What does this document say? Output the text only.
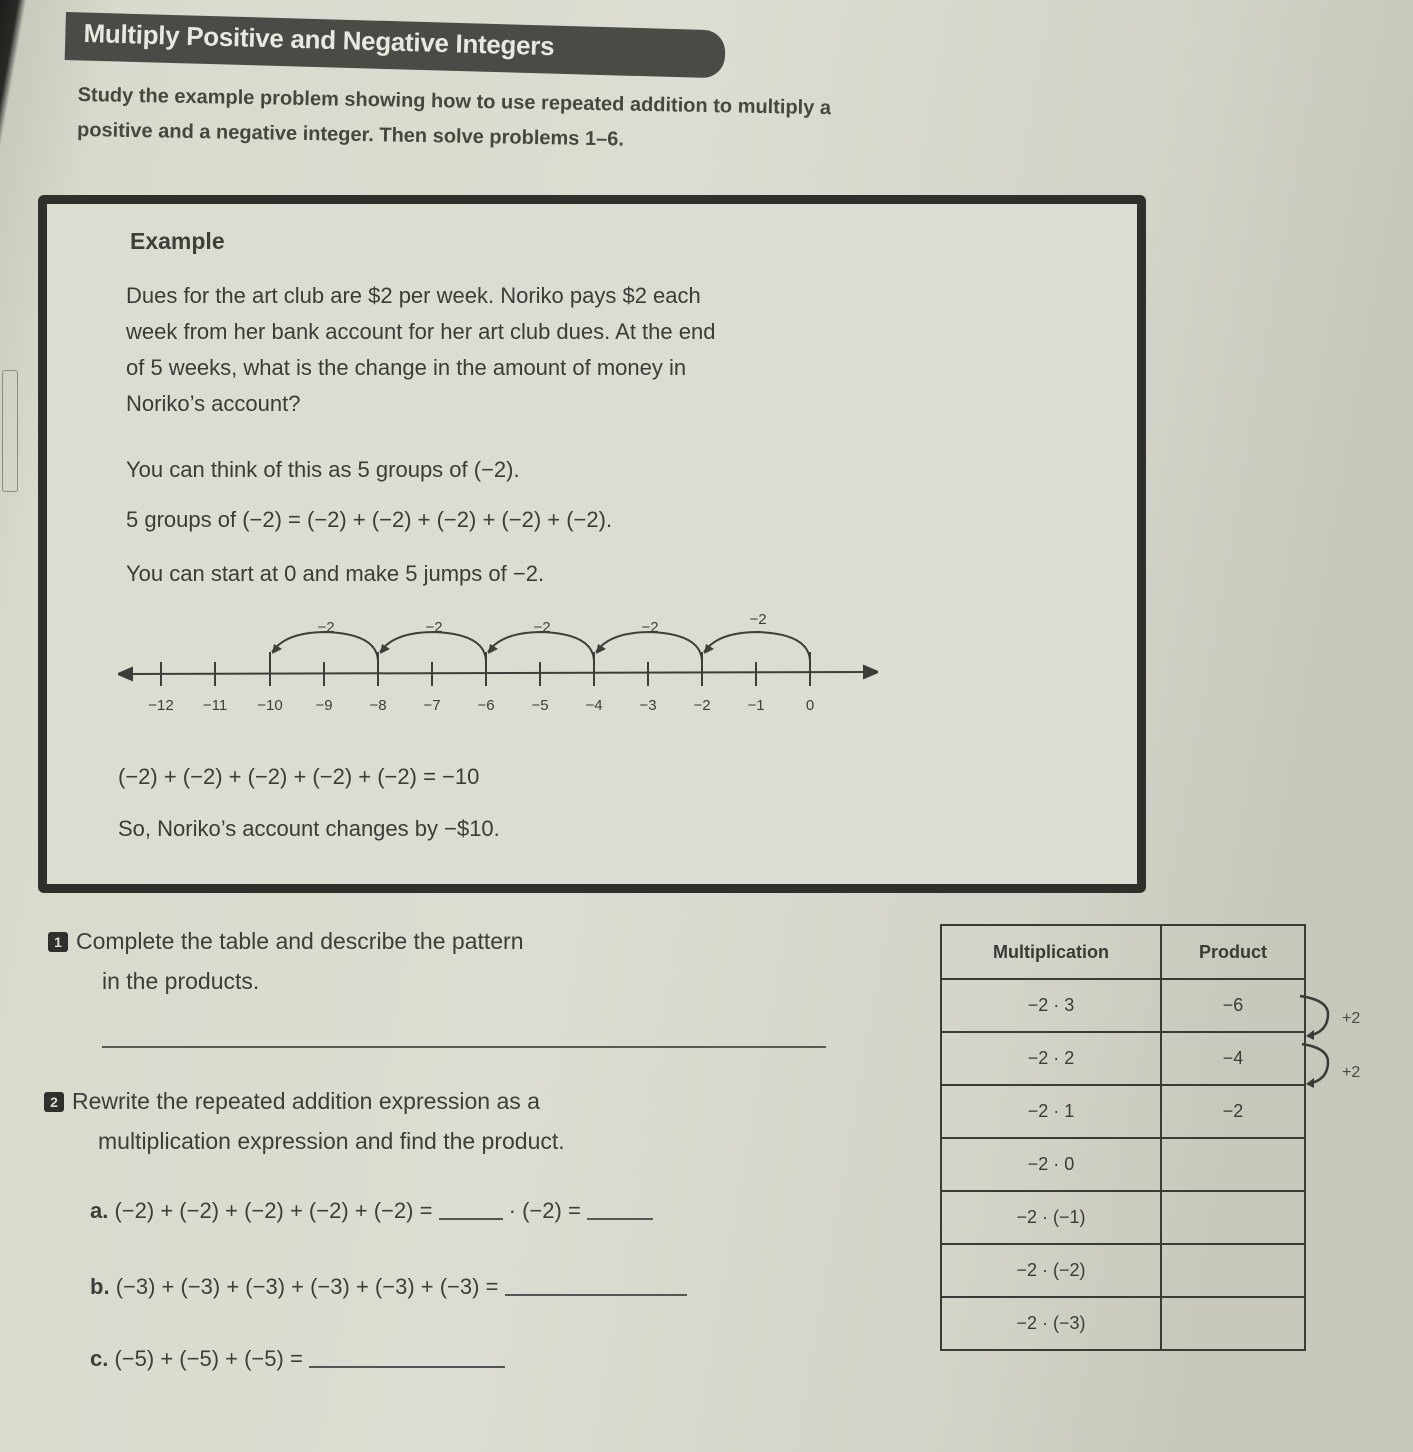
Multiply Positive and Negative Integers
Study the example problem showing how to use repeated addition to multiply a positive and a negative integer. Then solve problems 1–6.
Example
Dues for the art club are $2 per week. Noriko pays $2 each
week from her bank account for her art club dues. At the end
of 5 weeks, what is the change in the amount of money in
Noriko’s account?
You can think of this as 5 groups of (−2).
5 groups of (−2) = (−2) + (−2) + (−2) + (−2) + (−2).
You can start at 0 and make 5 jumps of −2.
−2
−2
−2
−2
−2
−12 −11 −10 −9 −8 −7 −6 −5 −4 −3 −2 −1	0
(−2) + (−2) + (−2) + (−2) + (−2) = −10
So, Noriko’s account changes by −$10.
1 Complete the table and describe the pattern
in the products.
2 Rewrite the repeated addition expression as a
multiplication expression and find the product.
a. (−2) + (−2) + (−2) + (−2) + (−2) =	· (−2) =
b. (−3) + (−3) + (−3) + (−3) + (−3) + (−3) =
c. (−5) + (−5) + (−5) =
Multiplication	Product
−2 · 3	−6
−2 · 2	−4
−2 · 1	−2
−2 · 0	
−2 · (−1)	
−2 · (−2)	
−2 · (−3)	
+2
+2
